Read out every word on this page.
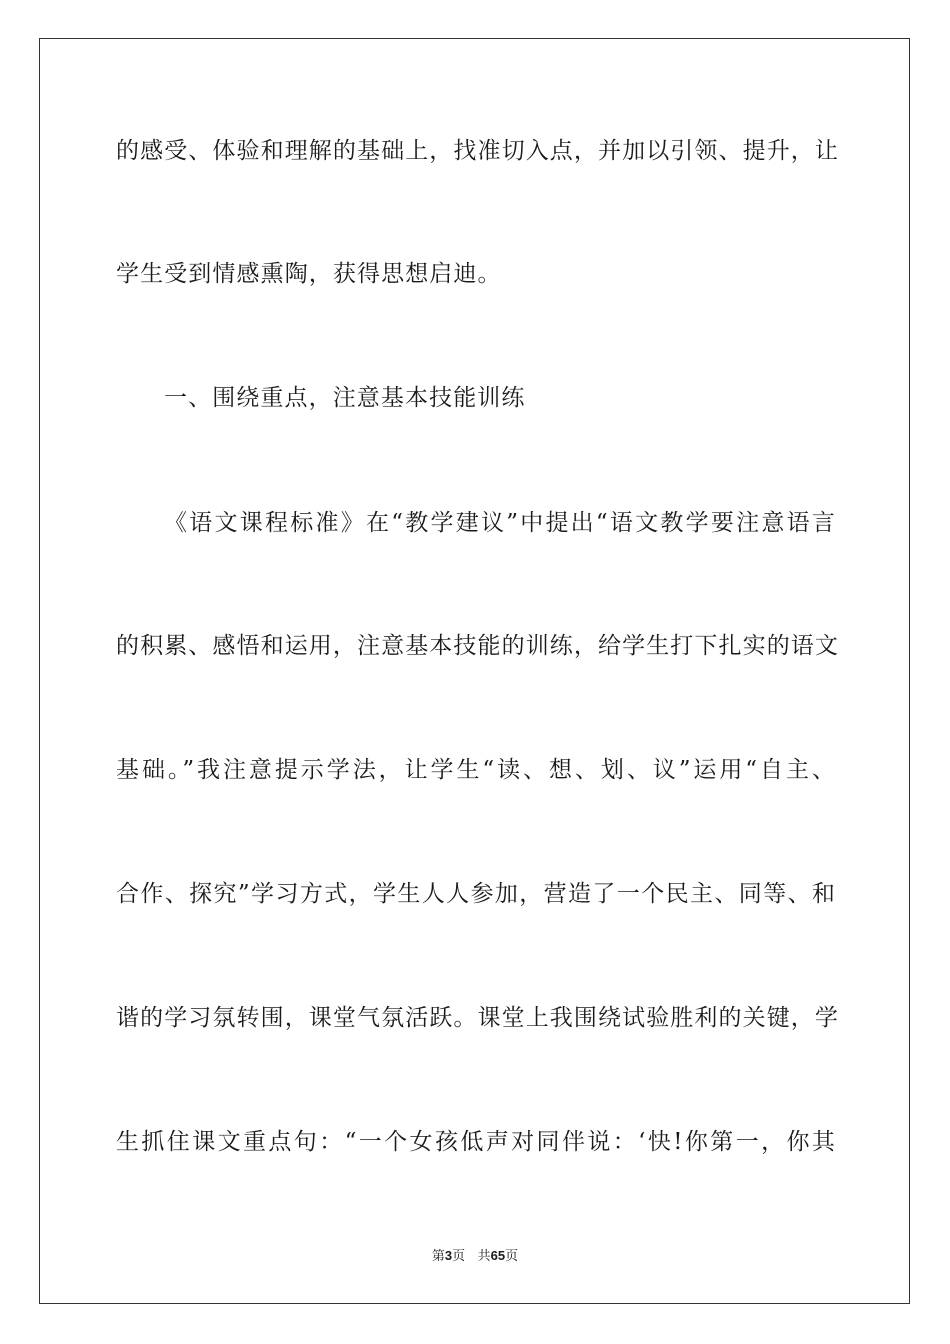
的感受、体验和理解的基础上，找准切入点，并加以引领、提升，让
学生受到情感熏陶，获得思想启迪。
一、围绕重点，注意基本技能训练
《语文课程标准》在“教学建议”中提出“语文教学要注意语言
的积累、感悟和运用，注意基本技能的训练，给学生打下扎实的语文
基础。”我注意提示学法，让学生“读、想、划、议”运用“自主、
合作、探究”学习方式，学生人人参加，营造了一个民主、同等、和
谐的学习氛转围，课堂气氛活跃。课堂上我围绕试验胜利的关键，学
生抓住课文重点句：“一个女孩低声对同伴说：‘快!你第一，你其
第3页 共65页
